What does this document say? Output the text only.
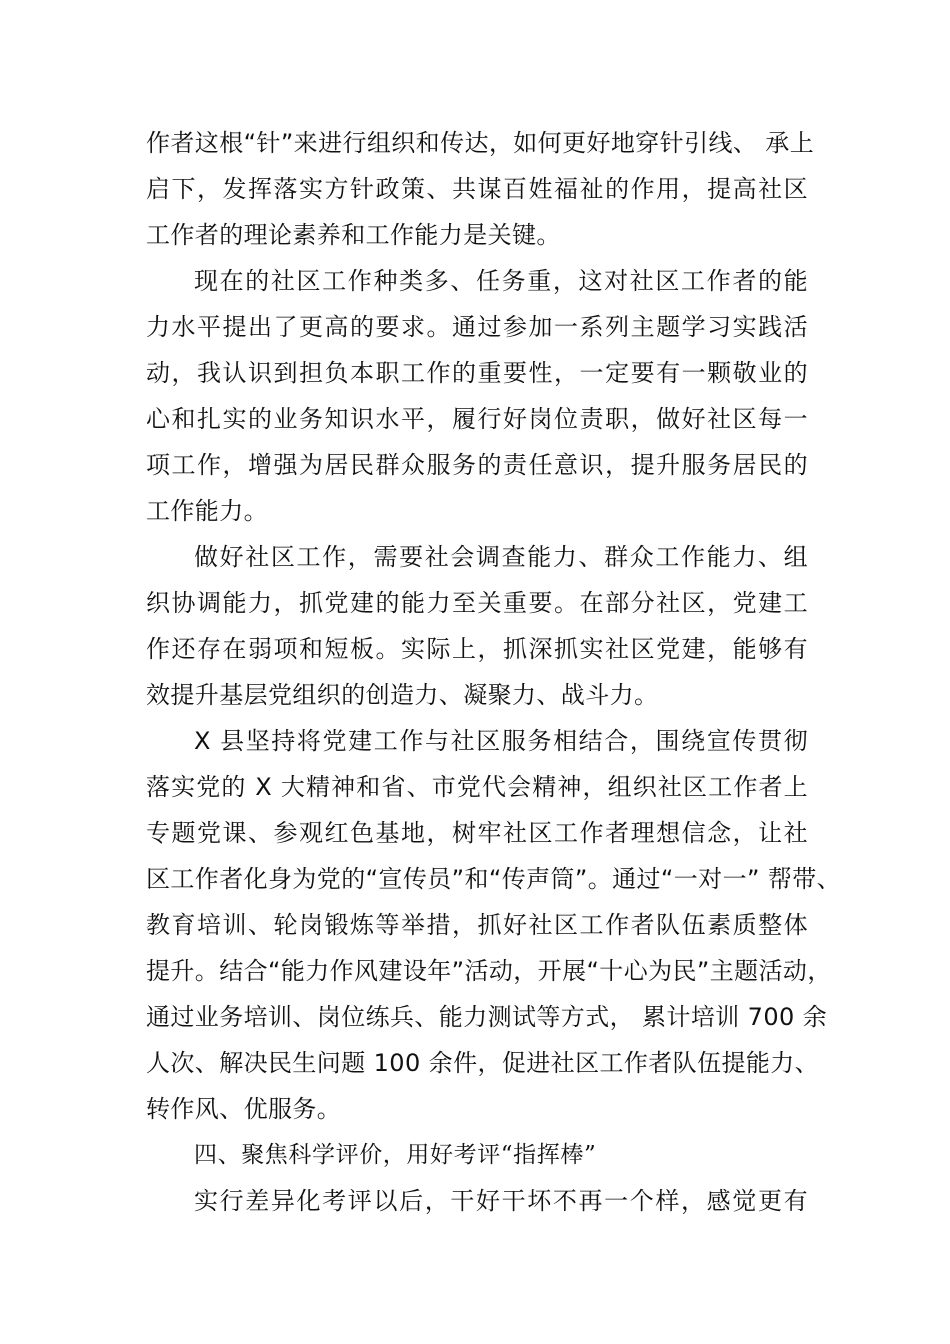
作者这根“针”来进行组织和传达，如何更好地穿针引线、 承上
启下，发挥落实方针政策、共谋百姓福祉的作用，提高社区
工作者的理论素养和工作能力是关键。
现在的社区工作种类多、任务重，这对社区工作者的能
力水平提出了更高的要求。通过参加一系列主题学习实践活
动，我认识到担负本职工作的重要性，一定要有一颗敬业的
心和扎实的业务知识水平，履行好岗位责职，做好社区每一
项工作，增强为居民群众服务的责任意识，提升服务居民的
工作能力。
做好社区工作，需要社会调查能力、群众工作能力、组
织协调能力，抓党建的能力至关重要。在部分社区，党建工
作还存在弱项和短板。实际上，抓深抓实社区党建，能够有
效提升基层党组织的创造力、凝聚力、战斗力。
X 县坚持将党建工作与社区服务相结合，围绕宣传贯彻
落实党的 X 大精神和省、市党代会精神，组织社区工作者上
专题党课、参观红色基地，树牢社区工作者理想信念，让社
区工作者化身为党的“宣传员”和“传声筒”。通过“一对一” 帮带、
教育培训、轮岗锻炼等举措，抓好社区工作者队伍素质整体
提升。结合“能力作风建设年”活动，开展“十心为民”主题活动，
通过业务培训、岗位练兵、能力测试等方式， 累计培训 700 余
人次、解决民生问题 100 余件，促进社区工作者队伍提能力、
转作风、优服务。
四、聚焦科学评价，用好考评“指挥棒”
实行差异化考评以后，干好干坏不再一个样，感觉更有
